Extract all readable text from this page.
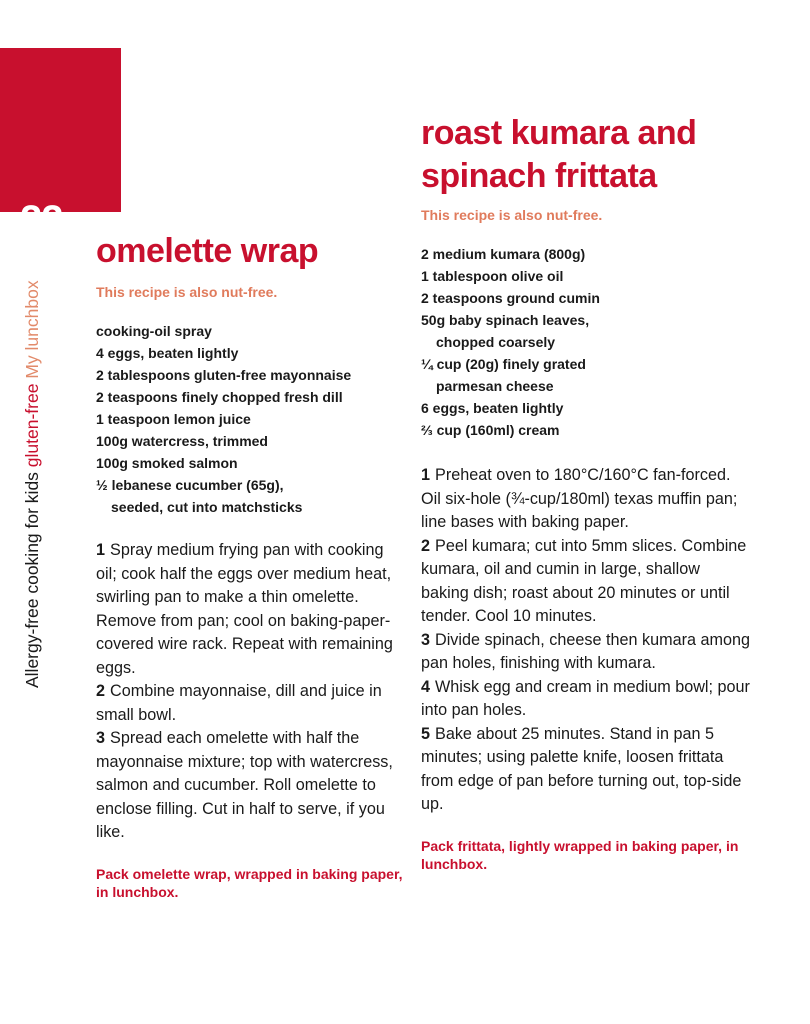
22
Allergy-free cooking for kids gluten-free My lunchbox
omelette wrap

This recipe is also nut-free.

cooking-oil spray
4 eggs, beaten lightly
2 tablespoons gluten-free mayonnaise
2 teaspoons finely chopped fresh dill
1 teaspoon lemon juice
100g watercress, trimmed
100g smoked salmon
½ lebanese cucumber (65g),
seeded, cut into matchsticks
1 Spray medium frying pan with cooking oil; cook half the eggs over medium heat, swirling pan to make a thin omelette. Remove from pan; cool on baking-paper-covered wire rack. Repeat with remaining eggs.
2 Combine mayonnaise, dill and juice in small bowl.
3 Spread each omelette with half the mayonnaise mixture; top with watercress, salmon and cucumber. Roll omelette to enclose filling. Cut in half to serve, if you like.

Pack omelette wrap, wrapped in baking paper, in lunchbox.

roast kumara and
spinach frittata

This recipe is also nut-free.

2 medium kumara (800g)
1 tablespoon olive oil
2 teaspoons ground cumin
50g baby spinach leaves,
chopped coarsely
¼ cup (20g) finely grated
parmesan cheese
6 eggs, beaten lightly
⅔ cup (160ml) cream
1 Preheat oven to 180°C/160°C fan-forced. Oil six-hole (¾-cup/180ml) texas muffin pan; line bases with baking paper.
2 Peel kumara; cut into 5mm slices. Combine kumara, oil and cumin in large, shallow baking dish; roast about 20 minutes or until tender. Cool 10 minutes.
3 Divide spinach, cheese then kumara among pan holes, finishing with kumara.
4 Whisk egg and cream in medium bowl; pour into pan holes.
5 Bake about 25 minutes. Stand in pan 5 minutes; using palette knife, loosen frittata from edge of pan before turning out, top-side up.

Pack frittata, lightly wrapped in baking paper, in lunchbox.
